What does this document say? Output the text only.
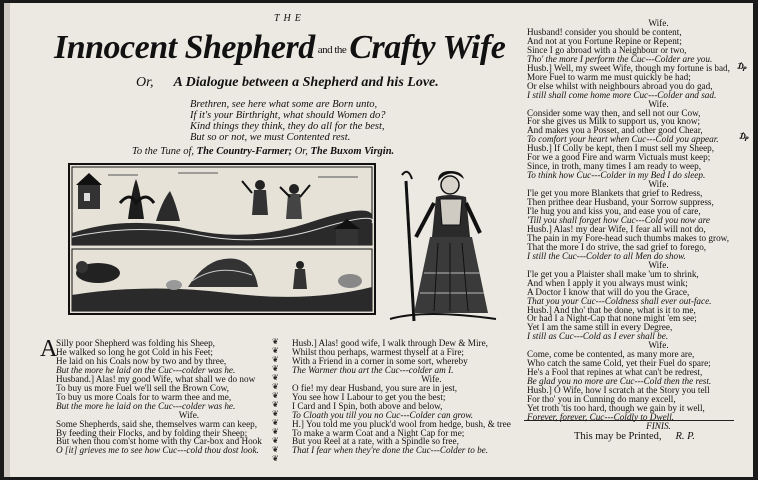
THE
Innocent Shepherd and theCrafty Wife
Or, A Dialogue between a Shepherd and his Love.
Brethren, see here what some are Born unto,
If it's your Birthright, what should Women do?
Kind things they think, they do all for the best,
But so or not, we must Contented rest.
To the Tune of, The Country-Farmer; Or, The Buxom Virgin.
A
Silly poor Shepherd was folding his Sheep,
He walked so long he got Cold in his Feet;
He laid on his Coals now by two and by three,
But the more he laid on the Cuc---colder was he.
Husband.] Alas! my good Wife, what shall we do now
To buy us more Fuel we'll sell the Brown Cow,
To buy us more Coals for to warm thee and me,
But the more he laid on the Cuc---colder was he.
Wife.
Some Shepherds, said she, themselves warm can keep,
By feeding their Flocks, and by folding their Sheep;
But when thou com'st home with thy Car-box and Hook
O [it] grieves me to see how Cuc---cold thou dost look.
❦
❦
❦
❦
❦
❦
❦
❦
❦
❦
❦
❦
❦
❦
Husb.] Alas! good wife, I walk through Dew & Mire,
Whilst thou perhaps, warmest thyself at a Fire;
With a Friend in a corner in some sort, whereby
The Warmer thou art the Cuc---colder am I.
Wife.
O fie! my dear Husband, you sure are in jest,
You see how I Labour to get you the best;
I Card and I Spin, both above and below,
To Cloath you till you no Cuc---Colder can grow.
H.] You told me you pluck'd wool from hedge, bush, & tree
To make a warm Coat and a Night Cap for me;
But you Reel at a rate, with a Spindle so free,
That I fear when they're done the Cuc---Colder to be.
Wife.
Husband! consider you should be content,
And not at you Fortune Repine or Repent;
Since I go abroad with a Neighbour or two,
Tho' the more I perform the Cuc---Colder are you.
Husb.] Well, my sweet Wife, though my fortune is bad,
More Fuel to warm me must quickly be had;
Or else whilst with neighbours abroad you do gad,
I still shall come home more Cuc---Colder and sad.
Wife.
Consider some way then, and sell not our Cow,
For she gives us Milk to support us, you know;
And makes you a Posset, and other good Chear,
To comfort your heart when Cuc---Cold you appear.
Husb.] If Colly be kept, then I must sell my Sheep,
For we a good Fire and warm Victuals must keep;
Since, in troth, many times I am ready to weep,
To think how Cuc---Colder in my Bed I do sleep.
Wife.
I'le get you more Blankets that grief to Redress,
Then prithee dear Husband, your Sorrow suppress,
I'le hug you and kiss you, and ease you of care,
'Till you shall forget how Cuc---Cold you now are
Husb.] Alas! my dear Wife, I fear all will not do,
The pain in my Fore-head such thumbs makes to grow,
That the more I do strive, the sad grief to forego,
I still the Cuc---Colder to all Men do show.
Wife.
I'le get you a Plaister shall make 'um to shrink,
And when I apply it you always must wink;
A Doctor I know that will do you the Grace,
That you your Cuc---Coldness shall ever out-face.
Husb.] And tho' that be done, what is it to me,
Or had I a Night-Cap that none might 'em see;
Yet I am the same still in every Degree,
I still as Cuc---Cold as I ever shall be.
Wife.
Come, come be contented, as many more are,
Who catch the same Cold, yet their Fuel do spare;
He's a Fool that repines at what can't be redrest,
Be glad you no more are Cuc---Cold then the rest.
Husb.] O Wife, how I scratch at the Story you tell
For tho' you in Cunning do many excell,
Yet troth 'tis too hard, though we gain by it well,
Forever, forever, Cuc---Coldly to Dwell.
FINIS.
This may be Printed, R. P.
₯
₯
